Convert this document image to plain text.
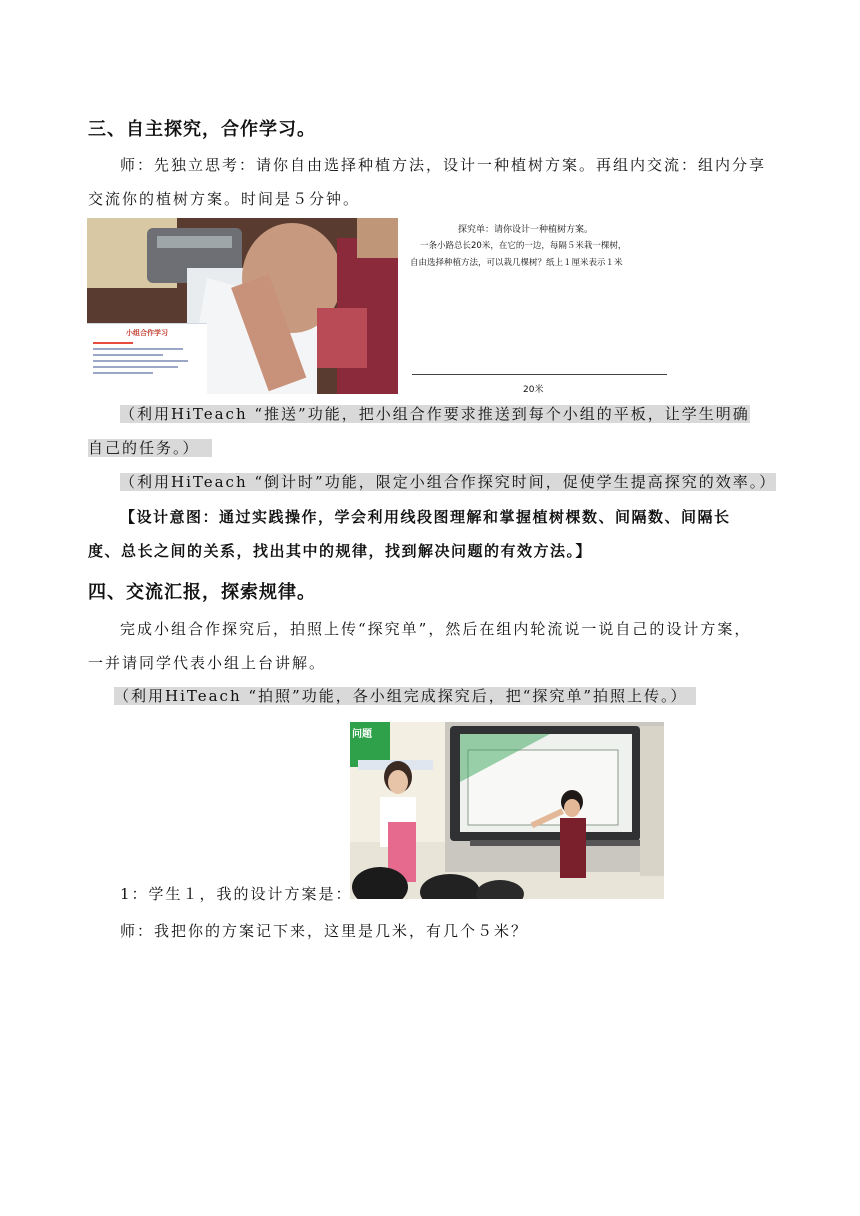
三、自主探究，合作学习。
师：先独立思考：请你自由选择种植方法，设计一种植树方案。再组内交流：组内分享
交流你的植树方案。时间是５分钟。
小组合作学习
探究单：请你设计一种植树方案。
一条小路总长20米，在它的一边，每隔５米栽一棵树，
自由选择种植方法，可以栽几棵树？纸上１厘米表示１米
20米
（利用HiTeach “推送”功能，把小组合作要求推送到每个小组的平板，让学生明确
自己的任务。）
（利用HiTeach “倒计时”功能，限定小组合作探究时间，促使学生提高探究的效率。）
【设计意图：通过实践操作，学会利用线段图理解和掌握植树棵数、间隔数、间隔长
度、总长之间的关系，找出其中的规律，找到解决问题的有效方法。】
四、交流汇报，探索规律。
完成小组合作探究后，拍照上传“探究单”，然后在组内轮流说一说自己的设计方案，
一并请同学代表小组上台讲解。
（利用HiTeach “拍照”功能，各小组完成探究后，把“探究单”拍照上传。）
问题
1：学生１，我的设计方案是：
师：我把你的方案记下来，这里是几米，有几个５米？
